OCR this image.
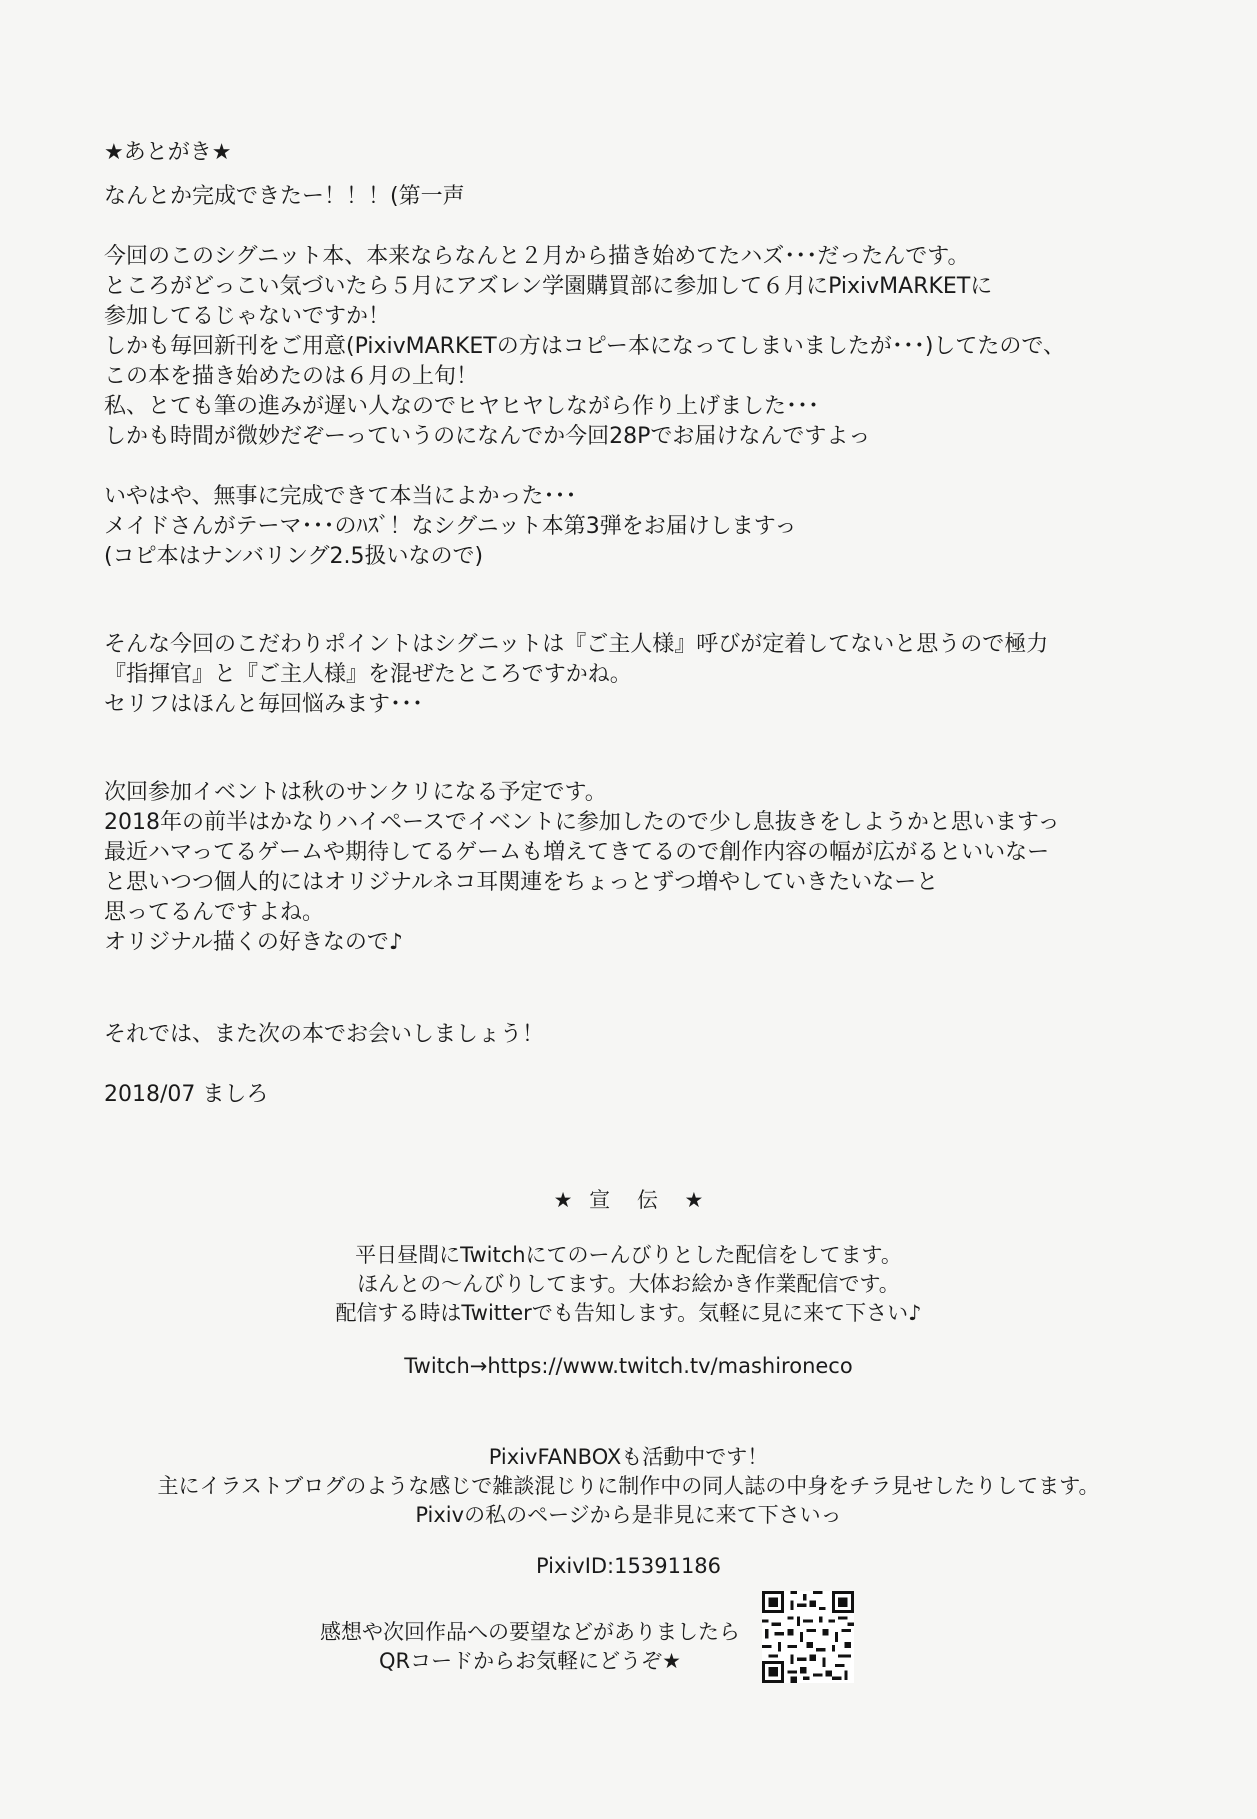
★あとがき★
なんとか完成できたー！！！(第一声
今回のこのシグニット本、本来ならなんと２月から描き始めてたハズ･･･だったんです。
ところがどっこい気づいたら５月にアズレン学園購買部に参加して６月にPixivMARKETに
参加してるじゃないですか！
しかも毎回新刊をご用意(PixivMARKETの方はコピー本になってしまいましたが･･･)してたので、
この本を描き始めたのは６月の上旬！
私、とても筆の進みが遅い人なのでヒヤヒヤしながら作り上げました･･･
しかも時間が微妙だぞーっていうのになんでか今回28Pでお届けなんですよっ
いやはや、無事に完成できて本当によかった･･･
メイドさんがテーマ･･･のﾊｽﾞ！なシグニット本第3弾をお届けしますっ
(コピ本はナンバリング2.5扱いなので)
そんな今回のこだわりポイントはシグニットは『ご主人様』呼びが定着してないと思うので極力
『指揮官』と『ご主人様』を混ぜたところですかね。
セリフはほんと毎回悩みます･･･
次回参加イベントは秋のサンクリになる予定です。
2018年の前半はかなりハイペースでイベントに参加したので少し息抜きをしようかと思いますっ
最近ハマってるゲームや期待してるゲームも増えてきてるので創作内容の幅が広がるといいなー
と思いつつ個人的にはオリジナルネコ耳関連をちょっとずつ増やしていきたいなーと
思ってるんですよね。
オリジナル描くの好きなので♪
それでは、また次の本でお会いしましょう！
2018/07 ましろ
★ 宣 伝 ★
平日昼間にTwitchにてのーんびりとした配信をしてます。
ほんとの～んびりしてます。大体お絵かき作業配信です。
配信する時はTwitterでも告知します。気軽に見に来て下さい♪
Twitch→https://www.twitch.tv/mashironeco
PixivFANBOXも活動中です！
主にイラストブログのような感じで雑談混じりに制作中の同人誌の中身をチラ見せしたりしてます。
Pixivの私のページから是非見に来て下さいっ
PixivID:15391186
感想や次回作品への要望などがありましたら
QRコードからお気軽にどうぞ★
